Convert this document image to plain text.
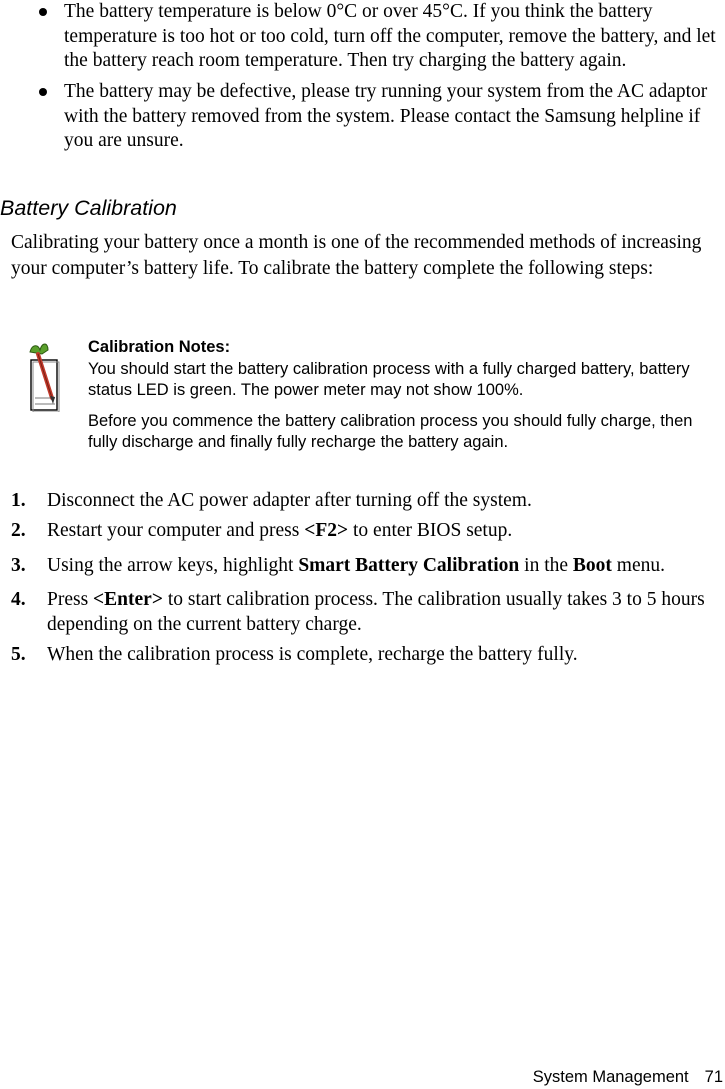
The battery temperature is below 0°C or over 45°C. If you think the battery temperature is too hot or too cold, turn off the computer, remove the battery, and let the battery reach room temperature. Then try charging the battery again.
The battery may be defective, please try running your system from the AC adaptor with the battery removed from the system. Please contact the Samsung helpline if you are unsure.
Battery Calibration
Calibrating your battery once a month is one of the recommended methods of increasing your computer’s battery life. To calibrate the battery complete the following steps:
Calibration Notes:
You should start the battery calibration process with a fully charged battery, battery status LED is green. The power meter may not show 100%.
Before you commence the battery calibration process you should fully charge, then fully discharge and finally fully recharge the battery again.
1. Disconnect the AC power adapter after turning off the system.
2. Restart your computer and press <F2> to enter BIOS setup.
3. Using the arrow keys, highlight Smart Battery Calibration in the Boot menu.
4. Press <Enter> to start calibration process. The calibration usually takes 3 to 5 hours depending on the current battery charge.
5. When the calibration process is complete, recharge the battery fully.
System Management 71
